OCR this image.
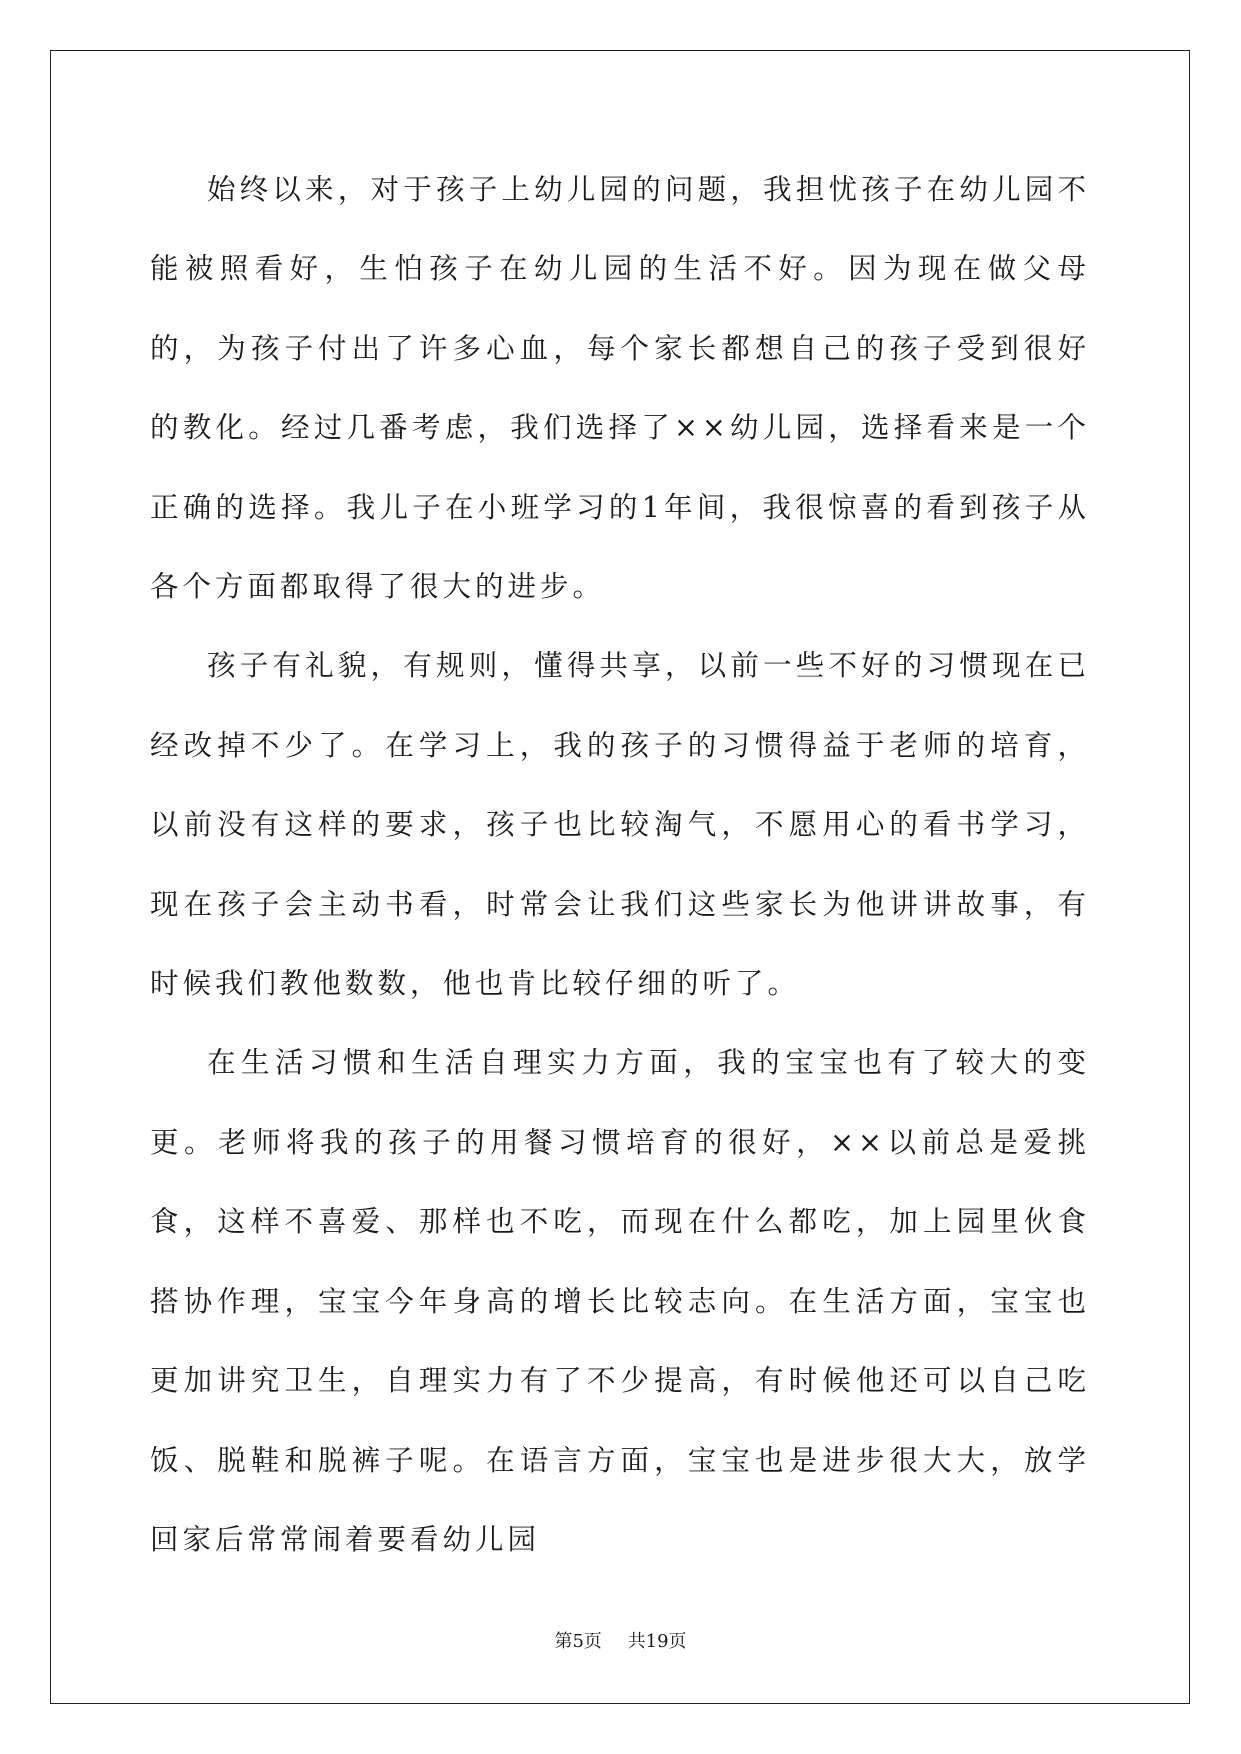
始终以来，对于孩子上幼儿园的问题，我担忧孩子在幼儿园不能被照看好，生怕孩子在幼儿园的生活不好。因为现在做父母的，为孩子付出了许多心血，每个家长都想自己的孩子受到很好的教化。经过几番考虑，我们选择了××幼儿园，选择看来是一个正确的选择。我儿子在小班学习的1年间，我很惊喜的看到孩子从各个方面都取得了很大的进步。

孩子有礼貌，有规则，懂得共享，以前一些不好的习惯现在已经改掉不少了。在学习上，我的孩子的习惯得益于老师的培育，以前没有这样的要求，孩子也比较淘气，不愿用心的看书学习，现在孩子会主动书看，时常会让我们这些家长为他讲讲故事，有时候我们教他数数，他也肯比较仔细的听了。

在生活习惯和生活自理实力方面，我的宝宝也有了较大的变更。老师将我的孩子的用餐习惯培育的很好，××以前总是爱挑食，这样不喜爱、那样也不吃，而现在什么都吃，加上园里伙食搭协作理，宝宝今年身高的增长比较志向。在生活方面，宝宝也更加讲究卫生，自理实力有了不少提高，有时候他还可以自己吃饭、脱鞋和脱裤子呢。在语言方面，宝宝也是进步很大大，放学回家后常常闹着要看幼儿园

第5页 共19页
